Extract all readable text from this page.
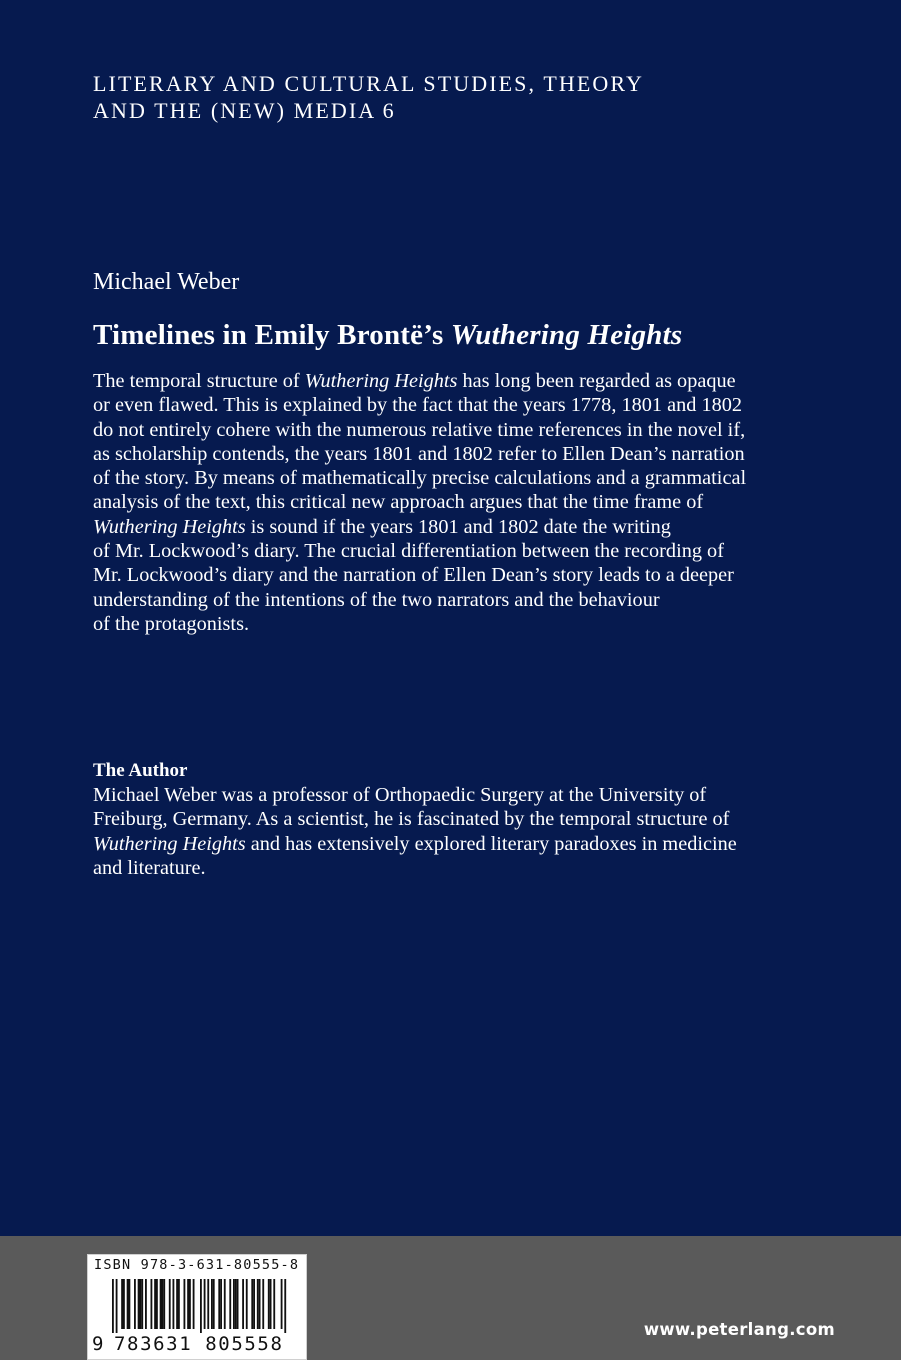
LITERARY AND CULTURAL STUDIES, THEORY
AND THE (NEW) MEDIA 6
Michael Weber
Timelines in Emily Brontë’s Wuthering Heights
The temporal structure of Wuthering Heights has long been regarded as opaque
or even flawed. This is explained by the fact that the years 1778, 1801 and 1802
do not entirely cohere with the numerous relative time references in the novel if,
as scholarship contends, the years 1801 and 1802 refer to Ellen Dean’s narration
of the story. By means of mathematically precise calculations and a grammatical
analysis of the text, this critical new approach argues that the time frame of
Wuthering Heights is sound if the years 1801 and 1802 date the writing
of Mr. Lockwood’s diary. The crucial differentiation between the recording of
Mr. Lockwood’s diary and the narration of Ellen Dean’s story leads to a deeper
understanding of the intentions of the two narrators and the behaviour
of the protagonists.
The Author
Michael Weber was a professor of Orthopaedic Surgery at the University of
Freiburg, Germany. As a scientist, he is fascinated by the temporal structure of
Wuthering Heights and has extensively explored literary paradoxes in medicine
and literature.
ISBN 978-3-631-80555-8
9 783631 805558
www.peterlang.com
